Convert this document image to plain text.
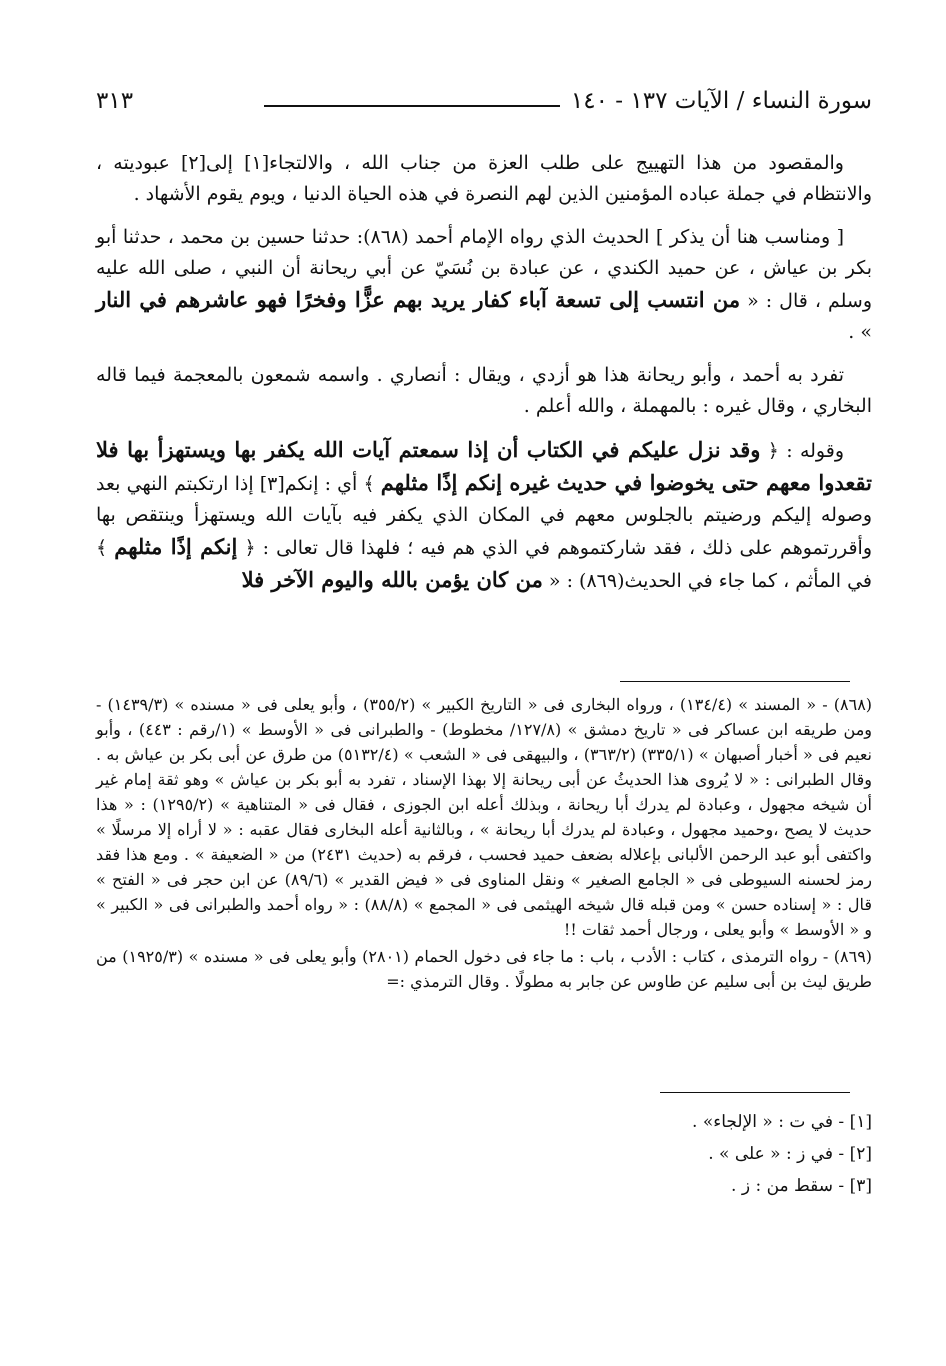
سورة النساء / الآيات ١٣٧ - ١٤٠
٣١٣

والمقصود من هذا التهييج على طلب العزة من جناب الله ، والالتجاء[١] إلى[٢] عبوديته ، والانتظام في جملة عباده المؤمنين الذين لهم النصرة في هذه الحياة الدنيا ، ويوم يقوم الأشهاد .

[ ومناسب هنا أن يذكر ] الحديث الذي رواه الإمام أحمد (٨٦٨): حدثنا حسين بن محمد ، حدثنا أبو بكر بن عياش ، عن حميد الكندي ، عن عبادة بن نُسَيّ عن أبي ريحانة أن النبي ، صلى الله عليه وسلم ، قال : « من انتسب إلى تسعة آباء كفار يريد بهم عزًّا وفخرًا فهو عاشرهم في النار » .

تفرد به أحمد ، وأبو ريحانة هذا هو أزدي ، ويقال : أنصاري . واسمه شمعون بالمعجمة فيما قاله البخاري ، وقال غيره : بالمهملة ، والله أعلم .

وقوله : ﴿ وقد نزل عليكم في الكتاب أن إذا سمعتم آيات الله يكفر بها ويستهزأ بها فلا تقعدوا معهم حتى يخوضوا في حديث غيره إنكم إذًا مثلهم ﴾ أي : إنكم[٣] إذا ارتكبتم النهي بعد وصوله إليكم ورضيتم بالجلوس معهم في المكان الذي يكفر فيه بآيات الله ويستهزأ وينتقص بها وأقررتموهم على ذلك ، فقد شاركتموهم في الذي هم فيه ؛ فلهذا قال تعالى : ﴿ إنكم إذًا مثلهم ﴾ في المأثم ، كما جاء في الحديث(٨٦٩) : « من كان يؤمن بالله واليوم الآخر فلا

(٨٦٨) - « المسند » (١٣٤/٤) ، ورواه البخارى فى « التاريخ الكبير » (٣٥٥/٢) ، وأبو يعلى فى « مسنده » (١٤٣٩/٣) - ومن طريقه ابن عساكر فى « تاريخ دمشق » (١٢٧/٨/ مخطوط) - والطبرانى فى « الأوسط » (١/رقم : ٤٤٣) ، وأبو نعيم فى « أخبار أصبهان » (٣٣٥/١) (٣٦٣/٢) ، والبيهقى فى « الشعب » (٥١٣٢/٤) من طرق عن أبى بكر بن عياش به . وقال الطبرانى : « لا يُروى هذا الحديثُ عن أبى ريحانة إلا بهذا الإسناد ، تفرد به أبو بكر بن عياش » وهو ثقة إمام غير أن شيخه مجهول ، وعبادة لم يدرك أبا ريحانة ، وبذلك أعله ابن الجوزى ، فقال فى « المتناهية » (١٢٩٥/٢) : « هذا حديث لا يصح ،وحميد مجهول ، وعبادة لم يدرك أبا ريحانة » ، وبالثانية أعله البخارى فقال عقبه : « لا أراه إلا مرسلًا » واكتفى أبو عبد الرحمن الألبانى بإعلاله بضعف حميد فحسب ، فرقم به (حديث ٢٤٣١) من « الضعيفة » . ومع هذا فقد رمز لحسنه السيوطى فى « الجامع الصغير » ونقل المناوى فى « فيض القدير » (٨٩/٦) عن ابن حجر فى « الفتح » قال : « إسناده حسن » ومن قبله قال شيخه الهيثمى فى « المجمع » (٨٨/٨) : « رواه أحمد والطبرانى فى « الكبير » و « الأوسط » وأبو يعلى ، ورجال أحمد ثقات !!

(٨٦٩) - رواه الترمذى ، كتاب : الأدب ، باب : ما جاء فى دخول الحمام (٢٨٠١) وأبو يعلى فى « مسنده » (١٩٢٥/٣) من طريق ليث بن أبى سليم عن طاوس عن جابر به مطولًا . وقال الترمذي :=

[١] - في ت : « الإلجاء» .
[٢] - في ز : « على » .
[٣] - سقط من : ز .
